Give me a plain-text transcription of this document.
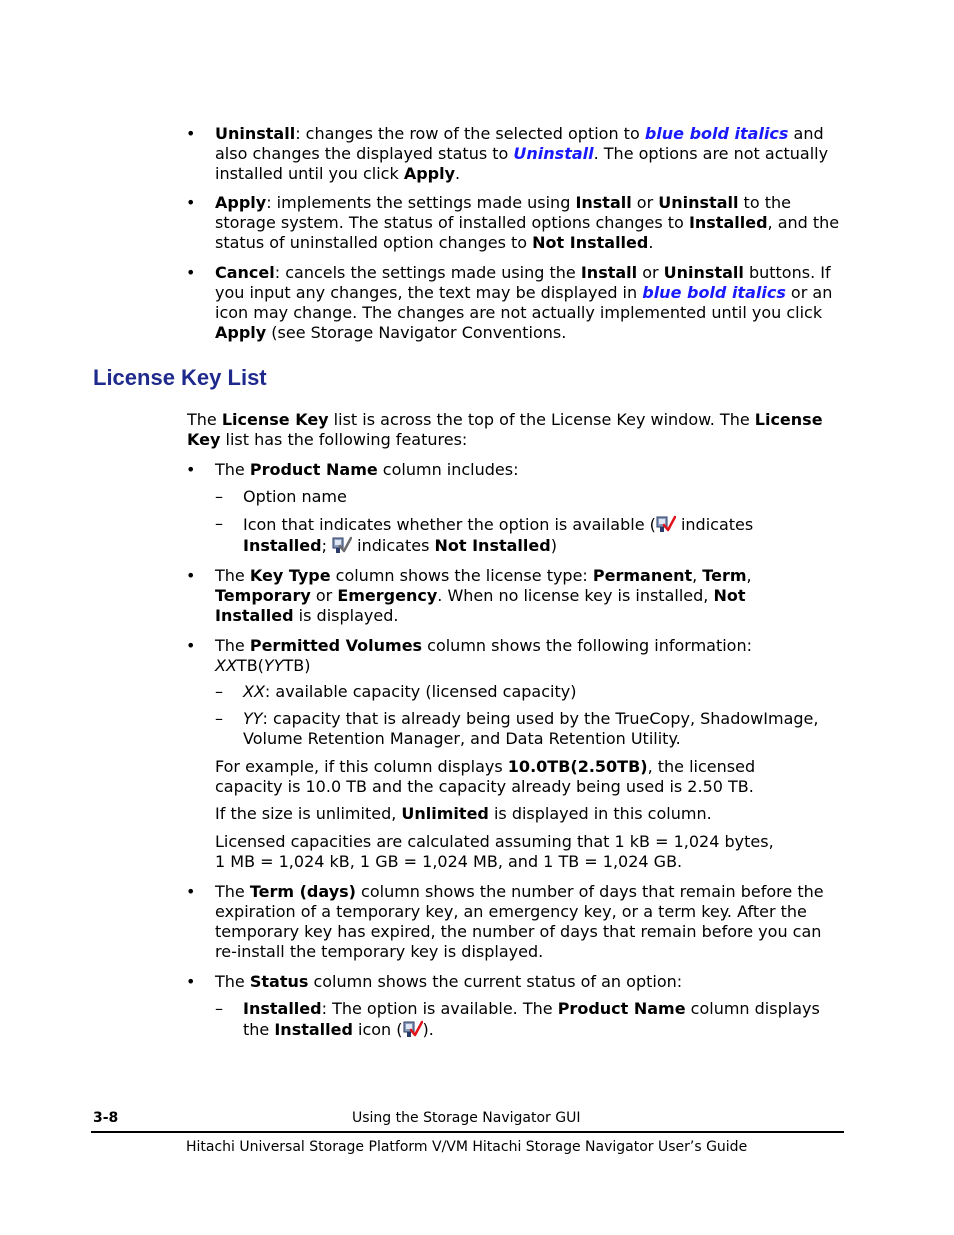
• Uninstall: changes the row of the selected option to blue bold italics and also changes the displayed status to Uninstall. The options are not actually installed until you click Apply.

• Apply: implements the settings made using Install or Uninstall to the storage system. The status of installed options changes to Installed, and the status of uninstalled option changes to Not Installed.

• Cancel: cancels the settings made using the Install or Uninstall buttons. If you input any changes, the text may be displayed in blue bold italics or an icon may change. The changes are not actually implemented until you click Apply (see Storage Navigator Conventions.

License Key List

The License Key list is across the top of the License Key window. The License Key list has the following features:

• The Product Name column includes:

– Option name

– Icon that indicates whether the option is available ( indicates Installed;  indicates Not Installed)

• The Key Type column shows the license type: Permanent, Term, Temporary or Emergency. When no license key is installed, Not Installed is displayed.

• The Permitted Volumes column shows the following information: XXTB(YYTB)

– XX: available capacity (licensed capacity)

– YY: capacity that is already being used by the TrueCopy, ShadowImage, Volume Retention Manager, and Data Retention Utility.

For example, if this column displays 10.0TB(2.50TB), the licensed capacity is 10.0 TB and the capacity already being used is 2.50 TB.

If the size is unlimited, Unlimited is displayed in this column.

Licensed capacities are calculated assuming that 1 kB = 1,024 bytes,

1 MB = 1,024 kB, 1 GB = 1,024 MB, and 1 TB = 1,024 GB.

• The Term (days) column shows the number of days that remain before the expiration of a temporary key, an emergency key, or a term key. After the temporary key has expired, the number of days that remain before you can re-install the temporary key is displayed.

• The Status column shows the current status of an option:

– Installed: The option is available. The Product Name column displays the Installed icon ( ).

3-8	Using the Storage Navigator GUI
Hitachi Universal Storage Platform V/VM Hitachi Storage Navigator User’s Guide
